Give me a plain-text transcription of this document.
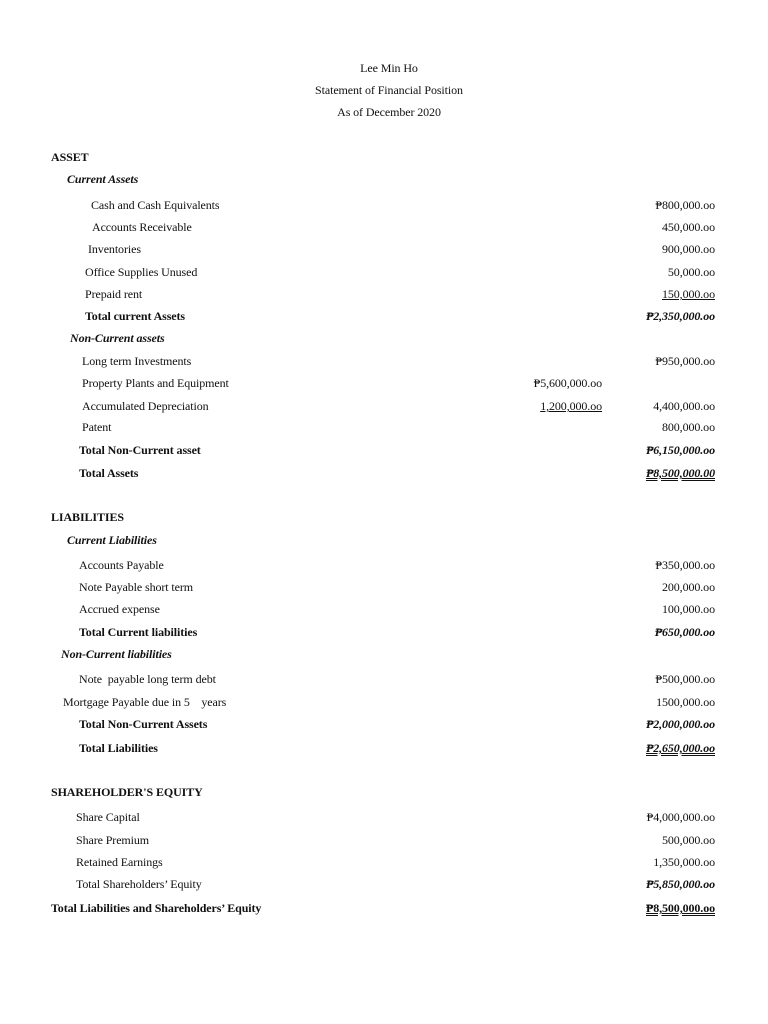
Lee Min Ho
Statement of Financial Position
As of December 2020
ASSET
Current Assets
Cash and Cash Equivalents	₱800,000.oo
Accounts Receivable	450,000.oo
Inventories	900,000.oo
Office Supplies Unused	50,000.oo
Prepaid rent	150,000.oo
Total current Assets	₱2,350,000.oo
Non-Current assets
Long term Investments	₱950,000.oo
Property Plants and Equipment	₱5,600,000.oo
Accumulated Depreciation	1,200,000.oo	4,400,000.oo
Patent	800,000.oo
Total Non-Current asset	₱6,150,000.oo
Total Assets	₱8,500,000.00
LIABILITIES
Current Liabilities
Accounts Payable	₱350,000.oo
Note Payable short term	200,000.oo
Accrued expense	100,000.oo
Total Current liabilities	₱650,000.oo
Non-Current liabilities
Note  payable long term debt	₱500,000.oo
Mortgage Payable due in 5    years	1500,000.oo
Total Non-Current Assets	₱2,000,000.oo
Total Liabilities	₱2,650,000.oo
SHAREHOLDER'S EQUITY
Share Capital	₱4,000,000.oo
Share Premium	500,000.oo
Retained Earnings	1,350,000.oo
Total Shareholders’ Equity	₱5,850,000.oo
Total Liabilities and Shareholders’ Equity	₱8,500,000.oo
